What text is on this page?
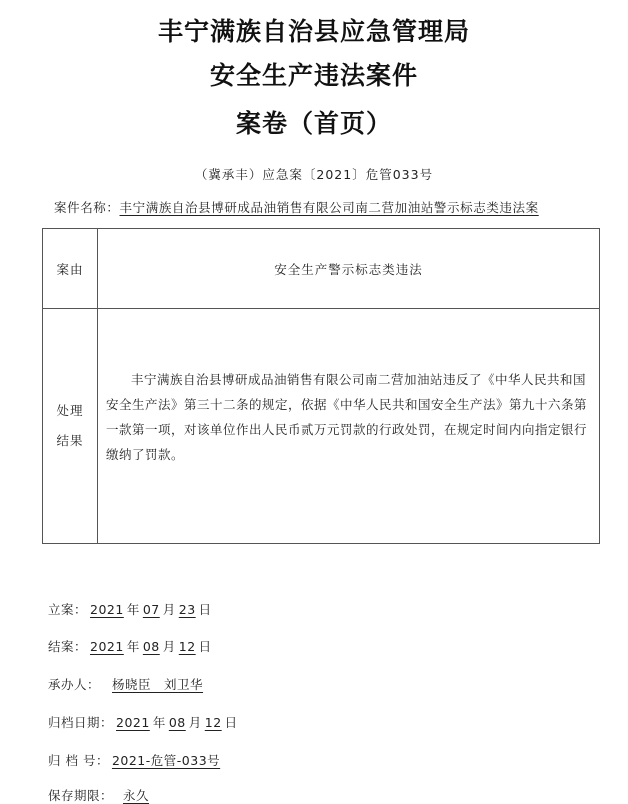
丰宁满族自治县应急管理局
安全生产违法案件
案卷（首页）
（冀承丰）应急案〔2021〕危管033号
案件名称：丰宁满族自治县博研成品油销售有限公司南二营加油站警示标志类违法案
案由	安全生产警示标志类违法

处理
结果	丰宁满族自治县博研成品油销售有限公司南二营加油站违反了《中华人民共和国安全生产法》第三十二条的规定，依据《中华人民共和国安全生产法》第九十六条第一款第一项，对该单位作出人民币贰万元罚款的行政处罚，在规定时间内向指定银行缴纳了罚款。
立案： 2021 年 07 月 23 日
结案： 2021 年 08 月 12 日
承办人： 杨晓臣　刘卫华
归档日期： 2021 年 08 月 12 日
归 档 号： 2021-危管-033号
保存期限： 永久
